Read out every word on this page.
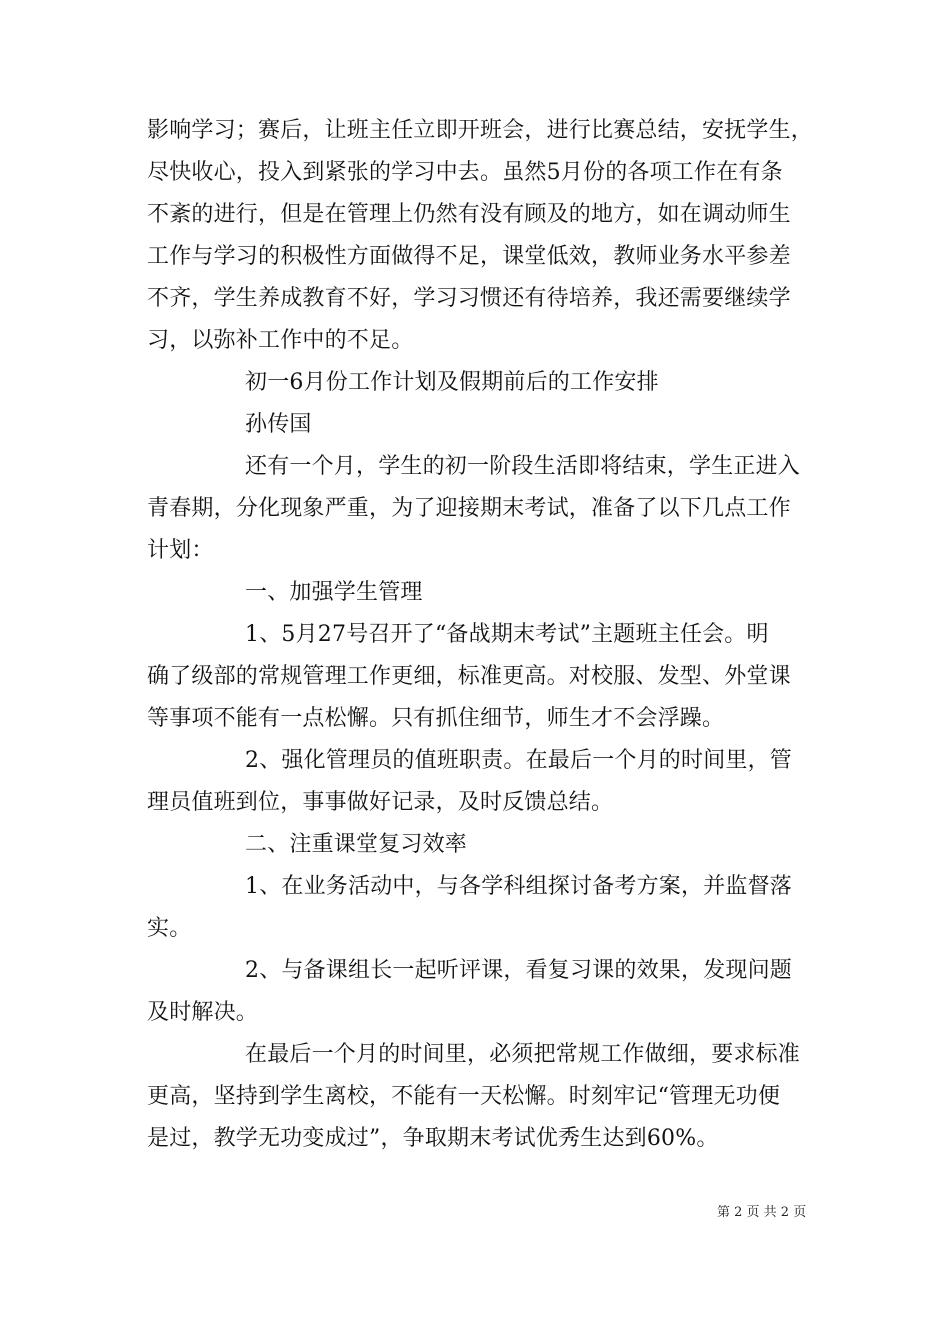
影响学习；赛后，让班主任立即开班会，进行比赛总结，安抚学生，
尽快收心，投入到紧张的学习中去。虽然5月份的各项工作在有条
不紊的进行，但是在管理上仍然有没有顾及的地方，如在调动师生
工作与学习的积极性方面做得不足，课堂低效，教师业务水平参差
不齐，学生养成教育不好，学习习惯还有待培养，我还需要继续学
习，以弥补工作中的不足。
初一6月份工作计划及假期前后的工作安排
孙传国
还有一个月，学生的初一阶段生活即将结束，学生正进入
青春期，分化现象严重，为了迎接期末考试，准备了以下几点工作
计划：
一、加强学生管理
1、5月27号召开了“备战期末考试”主题班主任会。明
确了级部的常规管理工作更细，标准更高。对校服、发型、外堂课
等事项不能有一点松懈。只有抓住细节，师生才不会浮躁。
2、强化管理员的值班职责。在最后一个月的时间里，管
理员值班到位，事事做好记录，及时反馈总结。
二、注重课堂复习效率
1、在业务活动中，与各学科组探讨备考方案，并监督落
实。
2、与备课组长一起听评课，看复习课的效果，发现问题
及时解决。
在最后一个月的时间里，必须把常规工作做细，要求标准
更高，坚持到学生离校，不能有一天松懈。时刻牢记“管理无功便
是过，教学无功变成过”，争取期末考试优秀生达到60%。
第 2 页 共 2 页
